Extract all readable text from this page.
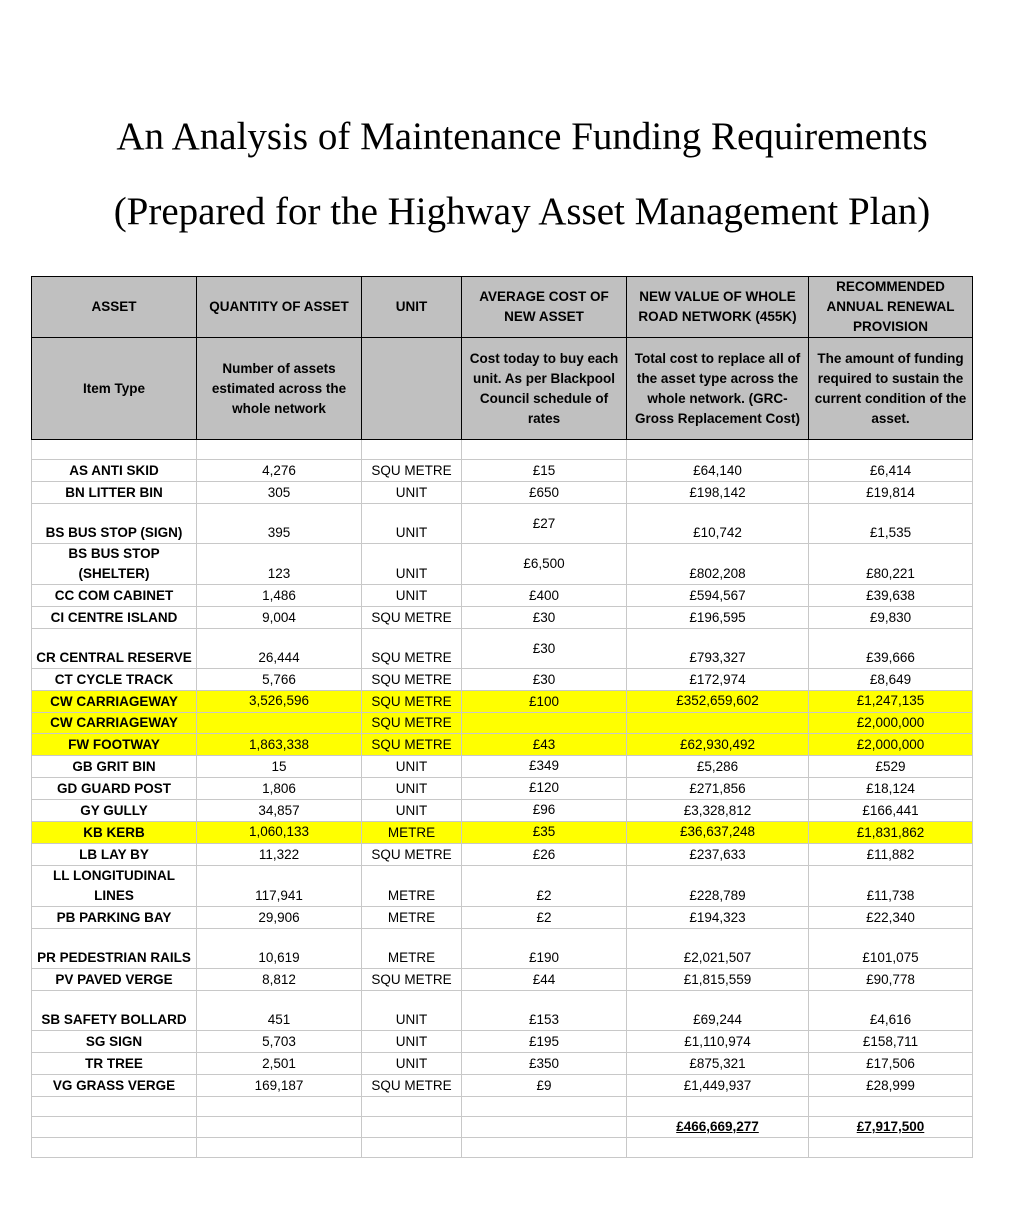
An Analysis of Maintenance Funding Requirements
(Prepared for the Highway Asset Management Plan)
ASSET	QUANTITY OF ASSET	UNIT	AVERAGE COST OF NEW ASSET	NEW VALUE OF WHOLE ROAD NETWORK (455K)	RECOMMENDED ANNUAL RENEWAL PROVISION
Item Type	Number of assets estimated across the whole network		Cost today to buy each unit. As per Blackpool Council schedule of rates	Total cost to replace all of the asset type across the whole network. (GRC-Gross Replacement Cost)	The amount of funding required to sustain the current condition of the asset.

AS ANTI SKID	4,276	SQU METRE	£15	£64,140	£6,414
BN LITTER BIN	305	UNIT	£650	£198,142	£19,814
BS BUS STOP (SIGN)	395	UNIT	£27	£10,742	£1,535
BS BUS STOP (SHELTER)	123	UNIT	£6,500	£802,208	£80,221
CC COM CABINET	1,486	UNIT	£400	£594,567	£39,638
CI CENTRE ISLAND	9,004	SQU METRE	£30	£196,595	£9,830
CR CENTRAL RESERVE	26,444	SQU METRE	£30	£793,327	£39,666
CT CYCLE TRACK	5,766	SQU METRE	£30	£172,974	£8,649
CW CARRIAGEWAY	3,526,596	SQU METRE	£100	£352,659,602	£1,247,135
CW CARRIAGEWAY		SQU METRE			£2,000,000
FW FOOTWAY	1,863,338	SQU METRE	£43	£62,930,492	£2,000,000
GB GRIT BIN	15	UNIT	£349	£5,286	£529
GD GUARD POST	1,806	UNIT	£120	£271,856	£18,124
GY GULLY	34,857	UNIT	£96	£3,328,812	£166,441
KB KERB	1,060,133	METRE	£35	£36,637,248	£1,831,862
LB LAY BY	11,322	SQU METRE	£26	£237,633	£11,882
LL LONGITUDINAL LINES	117,941	METRE	£2	£228,789	£11,738
PB PARKING BAY	29,906	METRE	£2	£194,323	£22,340
PR PEDESTRIAN RAILS	10,619	METRE	£190	£2,021,507	£101,075
PV PAVED VERGE	8,812	SQU METRE	£44	£1,815,559	£90,778
SB SAFETY BOLLARD	451	UNIT	£153	£69,244	£4,616
SG SIGN	5,703	UNIT	£195	£1,110,974	£158,711
TR TREE	2,501	UNIT	£350	£875,321	£17,506
VG GRASS VERGE	169,187	SQU METRE	£9	£1,449,937	£28,999

				£466,669,277	£7,917,500
